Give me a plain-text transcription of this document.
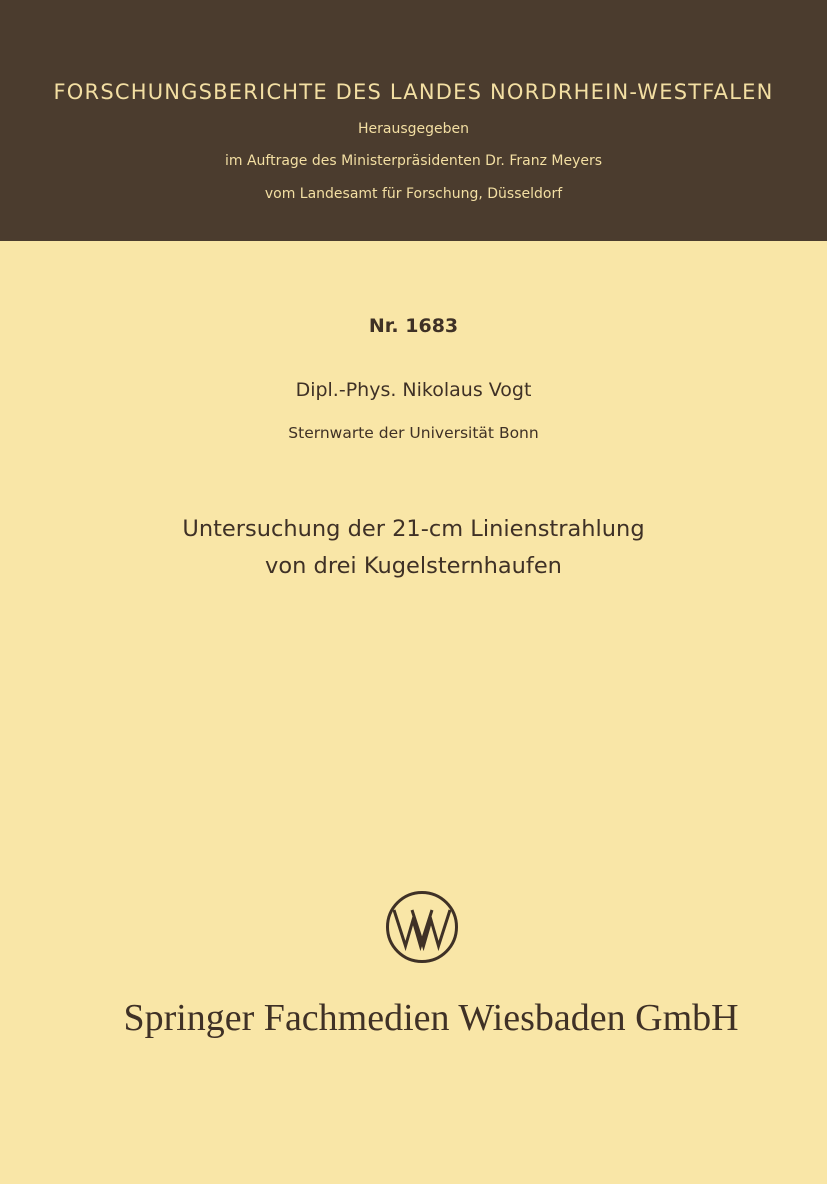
FORSCHUNGSBERICHTE DES LANDES NORDRHEIN-WESTFALEN
Herausgegeben
im Auftrage des Ministerpräsidenten Dr. Franz Meyers
vom Landesamt für Forschung, Düsseldorf
Nr. 1683
Dipl.-Phys. Nikolaus Vogt
Sternwarte der Universität Bonn
Untersuchung der 21-cm Linienstrahlung
von drei Kugelsternhaufen
Springer Fachmedien Wiesbaden GmbH
